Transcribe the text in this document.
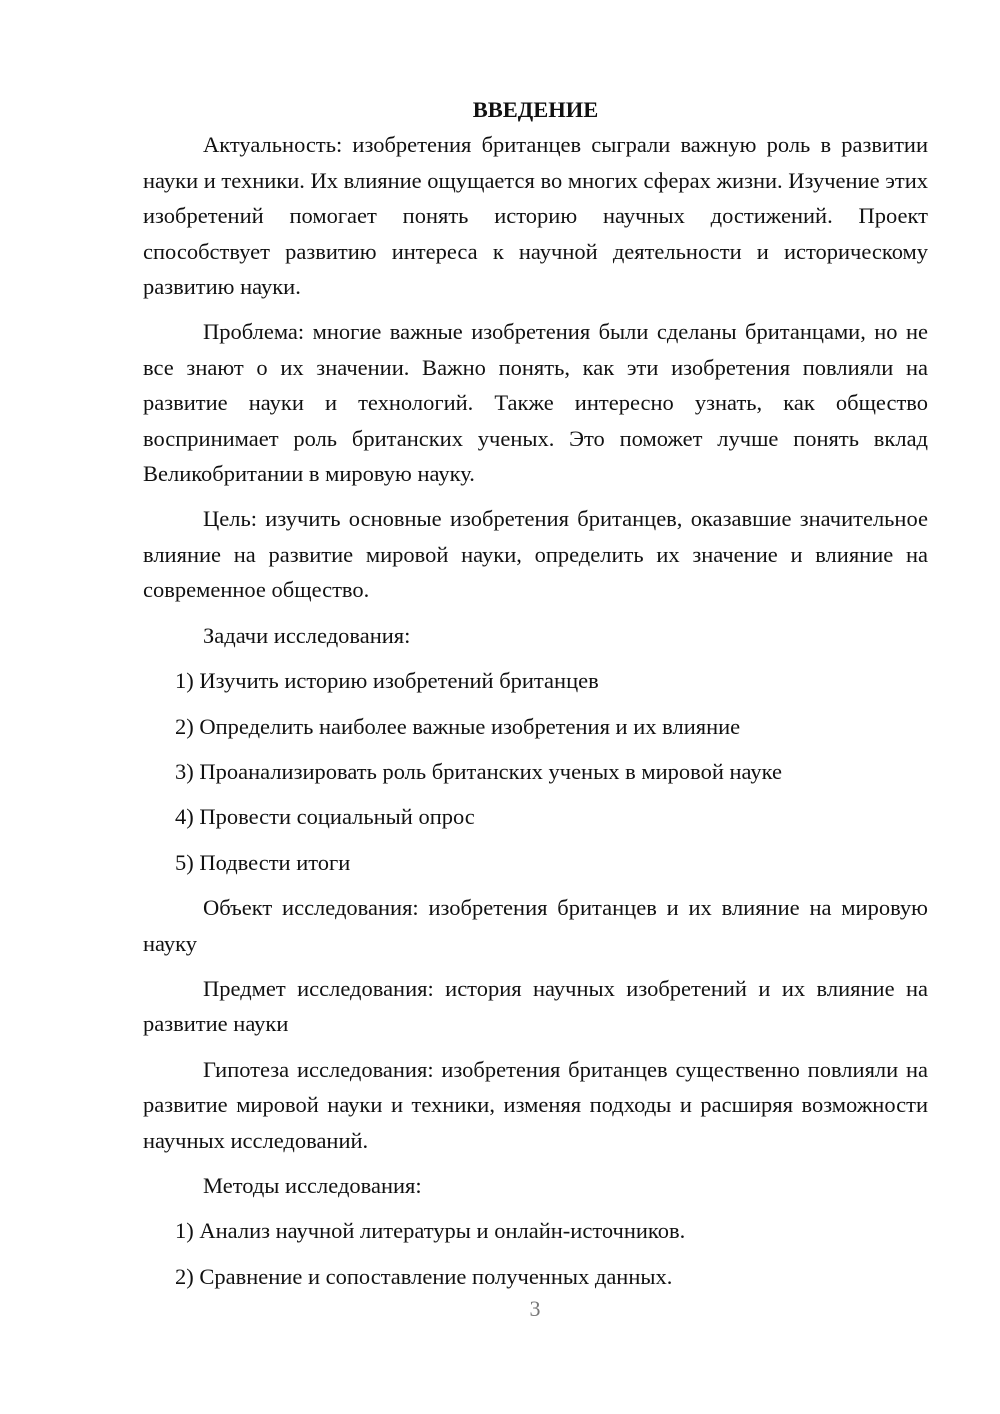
ВВЕДЕНИЕ

Актуальность: изобретения британцев сыграли важную роль в развитии науки и техники. Их влияние ощущается во многих сферах жизни. Изучение этих изобретений помогает понять историю научных достижений. Проект способствует развитию интереса к научной деятельности и историческому развитию науки.

Проблема: многие важные изобретения были сделаны британцами, но не все знают о их значении. Важно понять, как эти изобретения повлияли на развитие науки и технологий. Также интересно узнать, как общество воспринимает роль британских ученых. Это поможет лучше понять вклад Великобритании в мировую науку.

Цель: изучить основные изобретения британцев, оказавшие значительное влияние на развитие мировой науки, определить их значение и влияние на современное общество.

Задачи исследования:

1) Изучить историю изобретений британцев
2) Определить наиболее важные изобретения и их влияние
3) Проанализировать роль британских ученых в мировой науке
4) Провести социальный опрос
5) Подвести итоги

Объект исследования: изобретения британцев и их влияние на мировую науку

Предмет исследования: история научных изобретений и их влияние на развитие науки

Гипотеза исследования: изобретения британцев существенно повлияли на развитие мировой науки и техники, изменяя подходы и расширяя возможности научных исследований.

Методы исследования:

1) Анализ научной литературы и онлайн-источников.
2) Сравнение и сопоставление полученных данных.
3
